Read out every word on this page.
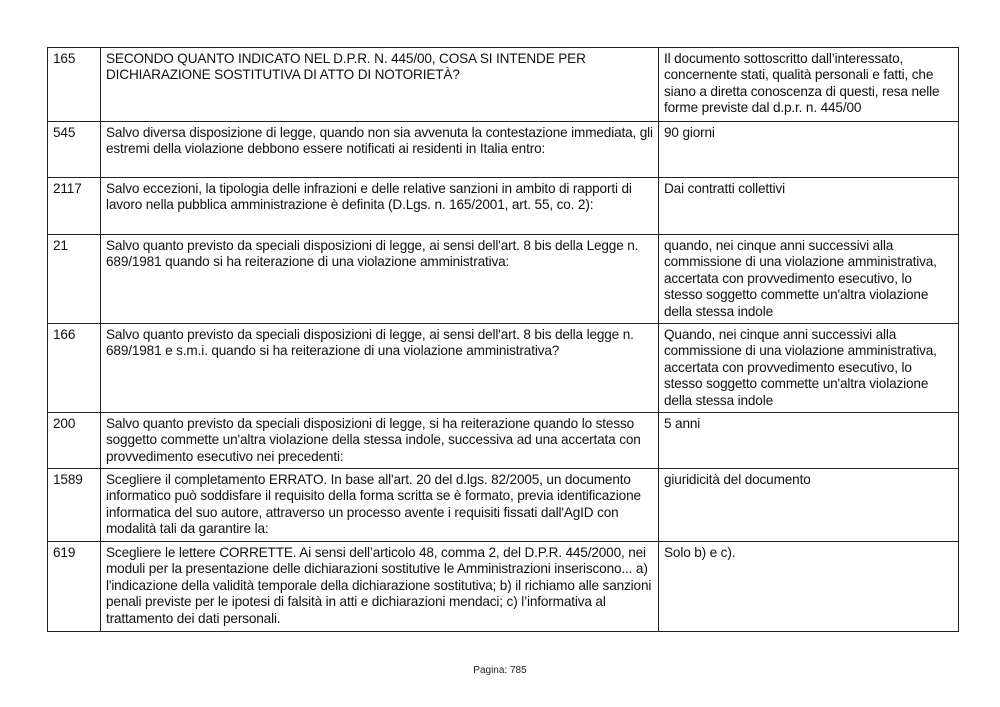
165	SECONDO QUANTO INDICATO NEL D.P.R. N. 445/00, COSA SI INTENDE PER DICHIARAZIONE SOSTITUTIVA DI ATTO DI NOTORIETÀ?	Il documento sottoscritto dall’interessato, concernente stati, qualità personali e fatti, che siano a diretta conoscenza di questi, resa nelle forme previste dal d.p.r. n. 445/00
545	Salvo diversa disposizione di legge, quando non sia avvenuta la contestazione immediata, gli estremi della violazione debbono essere notificati ai residenti in Italia entro:	90 giorni
2117	Salvo eccezioni, la tipologia delle infrazioni e delle relative sanzioni in ambito di rapporti di lavoro nella pubblica amministrazione è definita (D.Lgs. n. 165/2001, art. 55, co. 2):	Dai contratti collettivi
21	Salvo quanto previsto da speciali disposizioni di legge, ai sensi dell'art. 8 bis della Legge n. 689/1981 quando si ha reiterazione di una violazione amministrativa:	quando, nei cinque anni successivi alla commissione di una violazione amministrativa, accertata con provvedimento esecutivo, lo stesso soggetto commette un'altra violazione della stessa indole
166	Salvo quanto previsto da speciali disposizioni di legge, ai sensi dell'art. 8 bis della legge n. 689/1981 e s.m.i. quando si ha reiterazione di una violazione amministrativa?	Quando, nei cinque anni successivi alla commissione di una violazione amministrativa, accertata con provvedimento esecutivo, lo stesso soggetto commette un'altra violazione della stessa indole
200	Salvo quanto previsto da speciali disposizioni di legge, si ha reiterazione quando lo stesso soggetto commette un'altra violazione della stessa indole, successiva ad una accertata con provvedimento esecutivo nei precedenti:	5 anni
1589	Scegliere il completamento ERRATO. In base all'art. 20 del d.lgs. 82/2005, un documento informatico può soddisfare il requisito della forma scritta se è formato, previa identificazione informatica del suo autore, attraverso un processo avente i requisiti fissati dall'AgID con modalità tali da garantire la:	giuridicità del documento
619	Scegliere le lettere CORRETTE. Ai sensi dell’articolo 48, comma 2, del D.P.R. 445/2000, nei moduli per la presentazione delle dichiarazioni sostitutive le Amministrazioni inseriscono... a) l'indicazione della validità temporale della dichiarazione sostitutiva; b) il richiamo alle sanzioni penali previste per le ipotesi di falsità in atti e dichiarazioni mendaci; c) l’informativa al trattamento dei dati personali.	Solo b) e c).
Pagina: 785
